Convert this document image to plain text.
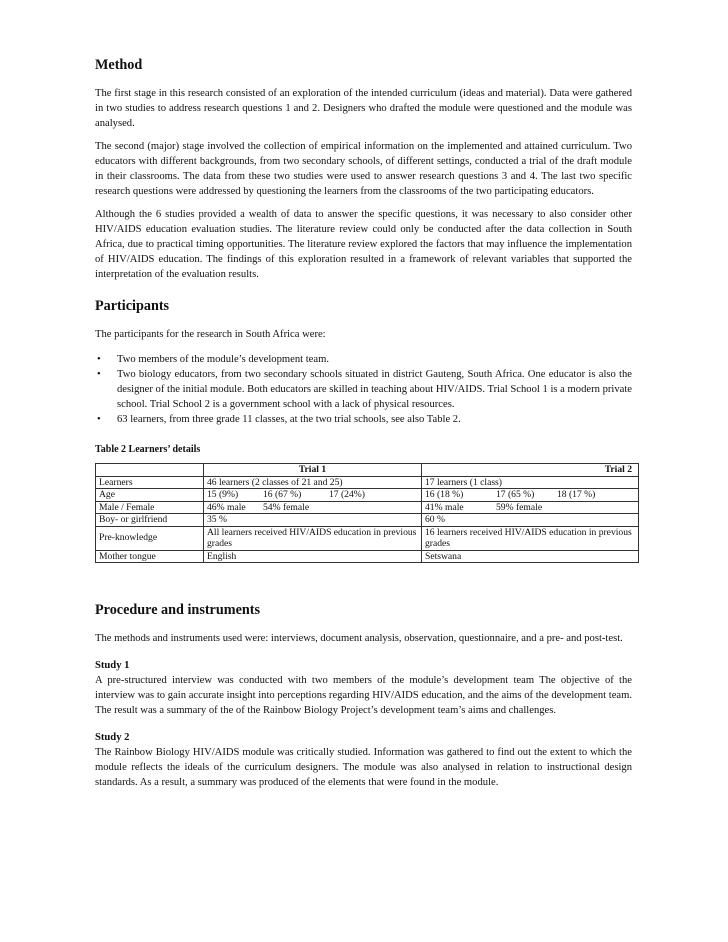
Method

The first stage in this research consisted of an exploration of the intended curriculum (ideas and material). Data were gathered in two studies to address research questions 1 and 2. Designers who drafted the module were questioned and the module was analysed.

The second (major) stage involved the collection of empirical information on the implemented and attained curriculum. Two educators with different backgrounds, from two secondary schools, of different settings, conducted a trial of the draft module in their classrooms. The data from these two studies were used to answer research questions 3 and 4. The last two specific research questions were addressed by questioning the learners from the classrooms of the two participating educators.

Although the 6 studies provided a wealth of data to answer the specific questions, it was necessary to also consider other HIV/AIDS education evaluation studies. The literature review could only be conducted after the data collection in South Africa, due to practical timing opportunities. The literature review explored the factors that may influence the implementation of HIV/AIDS education. The findings of this exploration resulted in a framework of relevant variables that supported the interpretation of the evaluation results.

Participants

The participants for the research in South Africa were:

• Two members of the module’s development team.
• Two biology educators, from two secondary schools situated in district Gauteng, South Africa. One educator is also the designer of the initial module. Both educators are skilled in teaching about HIV/AIDS. Trial School 1 is a modern private school. Trial School 2 is a government school with a lack of physical resources.
• 63 learners, from three grade 11 classes, at the two trial schools, see also Table 2.
Table 2 Learners’ details
	Trial 1	Trial 2
Learners	46 learners (2 classes of 21 and 25)	17 learners (1 class)
Age	15 (9%) 16 (67 %) 17 (24%)	16 (18 %) 17 (65 %) 18 (17 %)
Male / Female	46% male 54% female	41% male 59% female
Boy- or girlfriend	35 %	60 %
Pre-knowledge	All learners received HIV/AIDS education in previous grades	16 learners received HIV/AIDS education in previous grades
Mother tongue	English	Setswana
Procedure and instruments

The methods and instruments used were: interviews, document analysis, observation, questionnaire, and a pre- and post-test.

Study 1

A pre-structured interview was conducted with two members of the module’s development team The objective of the interview was to gain accurate insight into perceptions regarding HIV/AIDS education, and the aims of the development team. The result was a summary of the of the Rainbow Biology Project’s development team’s aims and challenges.

Study 2

The Rainbow Biology HIV/AIDS module was critically studied. Information was gathered to find out the extent to which the module reflects the ideals of the curriculum designers. The module was also analysed in relation to instructional design standards. As a result, a summary was produced of the elements that were found in the module.
